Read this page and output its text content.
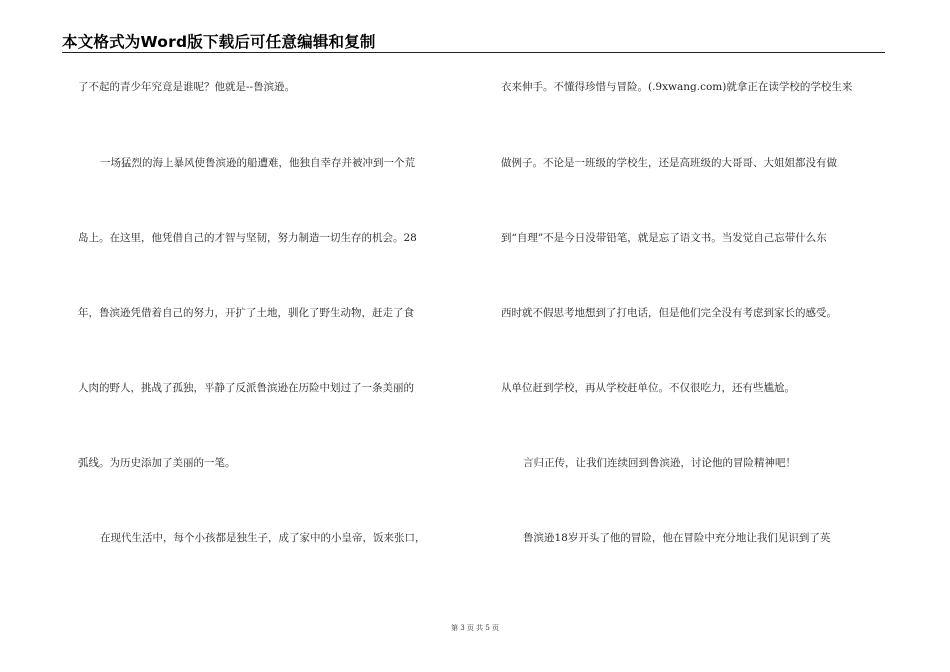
本文格式为Word版下载后可任意编辑和复制
了不起的青少年究竟是谁呢？他就是--鲁滨逊。
一场猛烈的海上暴风使鲁滨逊的船遭难，他独自幸存并被冲到一个荒
岛上。在这里，他凭借自己的才智与坚韧，努力制造一切生存的机会。28
年，鲁滨逊凭借着自己的努力，开扩了土地，驯化了野生动物，赶走了食
人肉的野人，挑战了孤独，平静了反派鲁滨逊在历险中划过了一条美丽的
弧线。为历史添加了美丽的一笔。
在现代生活中，每个小孩都是独生子，成了家中的小皇帝，饭来张口，
衣来伸手。不懂得珍惜与冒险。(.9xwang.com)就拿正在读学校的学校生来
做例子。不论是一班级的学校生，还是高班级的大哥哥、大姐姐都没有做
到“自理”不是今日没带铅笔，就是忘了语文书。当发觉自己忘带什么东
西时就不假思考地想到了打电话，但是他们完全没有考虑到家长的感受。
从单位赶到学校，再从学校赶单位。不仅很吃力，还有些尴尬。
言归正传，让我们连续回到鲁滨逊，讨论他的冒险精神吧！
鲁滨逊18岁开头了他的冒险，他在冒险中充分地让我们见识到了英
第 3 页 共 5 页
